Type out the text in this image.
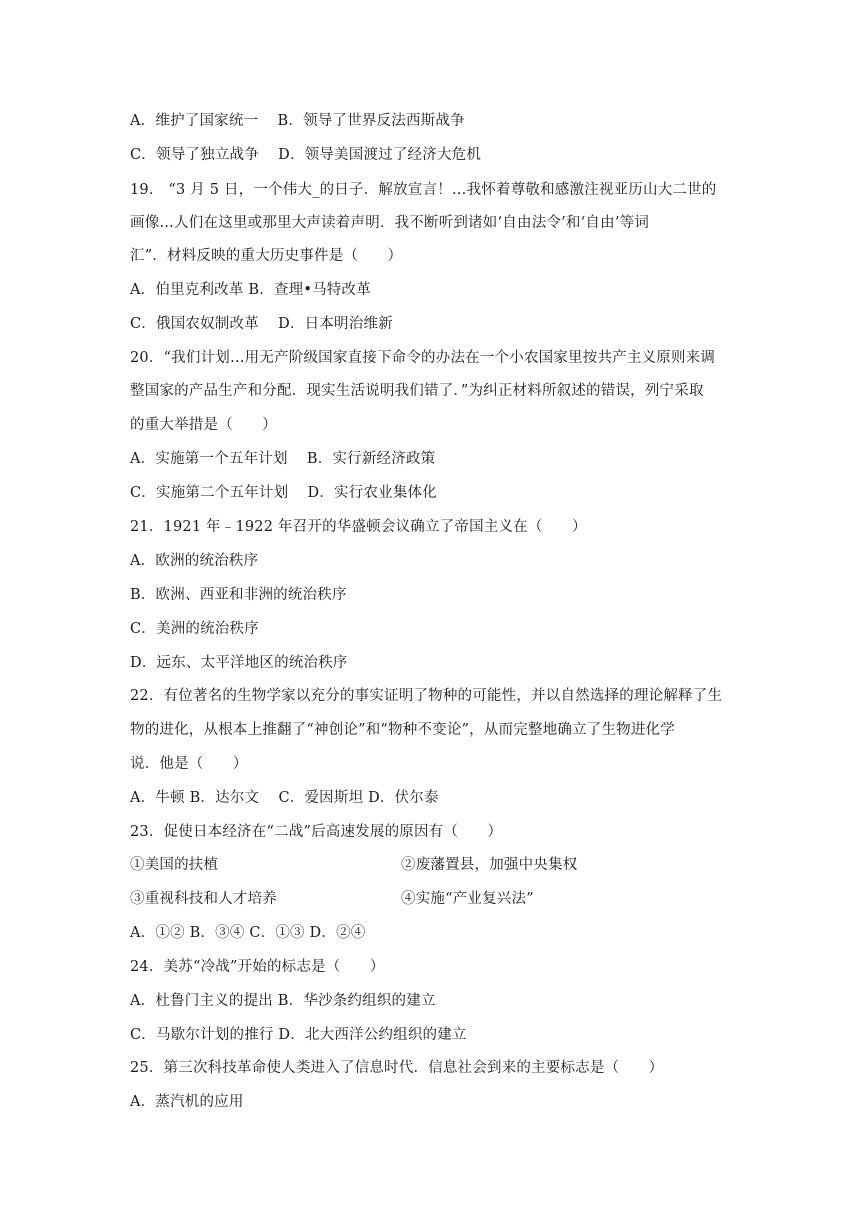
A．维护了国家统一    B．领导了世界反法西斯战争
C．领导了独立战争    D．领导美国渡过了经济大危机
19． “3 月 5 日，一个伟大_的日子．解放宣言！…我怀着尊敬和感激注视亚历山大二世的
画像…人们在这里或那里大声读着声明．我不断听到诸如‘自由法令’和‘自由’等词
汇”．材料反映的重大历史事件是（　　）
A．伯里克利改革 B．查理•马特改革
C．俄国农奴制改革    D．日本明治维新
20．“我们计划…用无产阶级国家直接下命令的办法在一个小农国家里按共产主义原则来调
整国家的产品生产和分配．现实生活说明我们错了．”为纠正材料所叙述的错误，列宁采取
的重大举措是（　　）
A．实施第一个五年计划    B．实行新经济政策
C．实施第二个五年计划    D．实行农业集体化
21．1921 年﹣1922 年召开的华盛顿会议确立了帝国主义在（　　）
A．欧洲的统治秩序
B．欧洲、西亚和非洲的统治秩序
C．美洲的统治秩序
D．远东、太平洋地区的统治秩序
22．有位著名的生物学家以充分的事实证明了物种的可能性，并以自然选择的理论解释了生
物的进化，从根本上推翻了“神创论”和“物种不变论”，从而完整地确立了生物进化学
说．他是（　　）
A．牛顿 B．达尔文    C．爱因斯坦 D．伏尔泰
23．促使日本经济在“二战”后高速发展的原因有（　　）
①美国的扶植	②废藩置县，加强中央集权
③重视科技和人才培养	④实施“产业复兴法”
A．①② B．③④ C．①③ D．②④
24．美苏“冷战”开始的标志是（　　）
A．杜鲁门主义的提出 B．华沙条约组织的建立
C．马歇尔计划的推行 D．北大西洋公约组织的建立
25．第三次科技革命使人类进入了信息时代．信息社会到来的主要标志是（　　）
A．蒸汽机的应用
